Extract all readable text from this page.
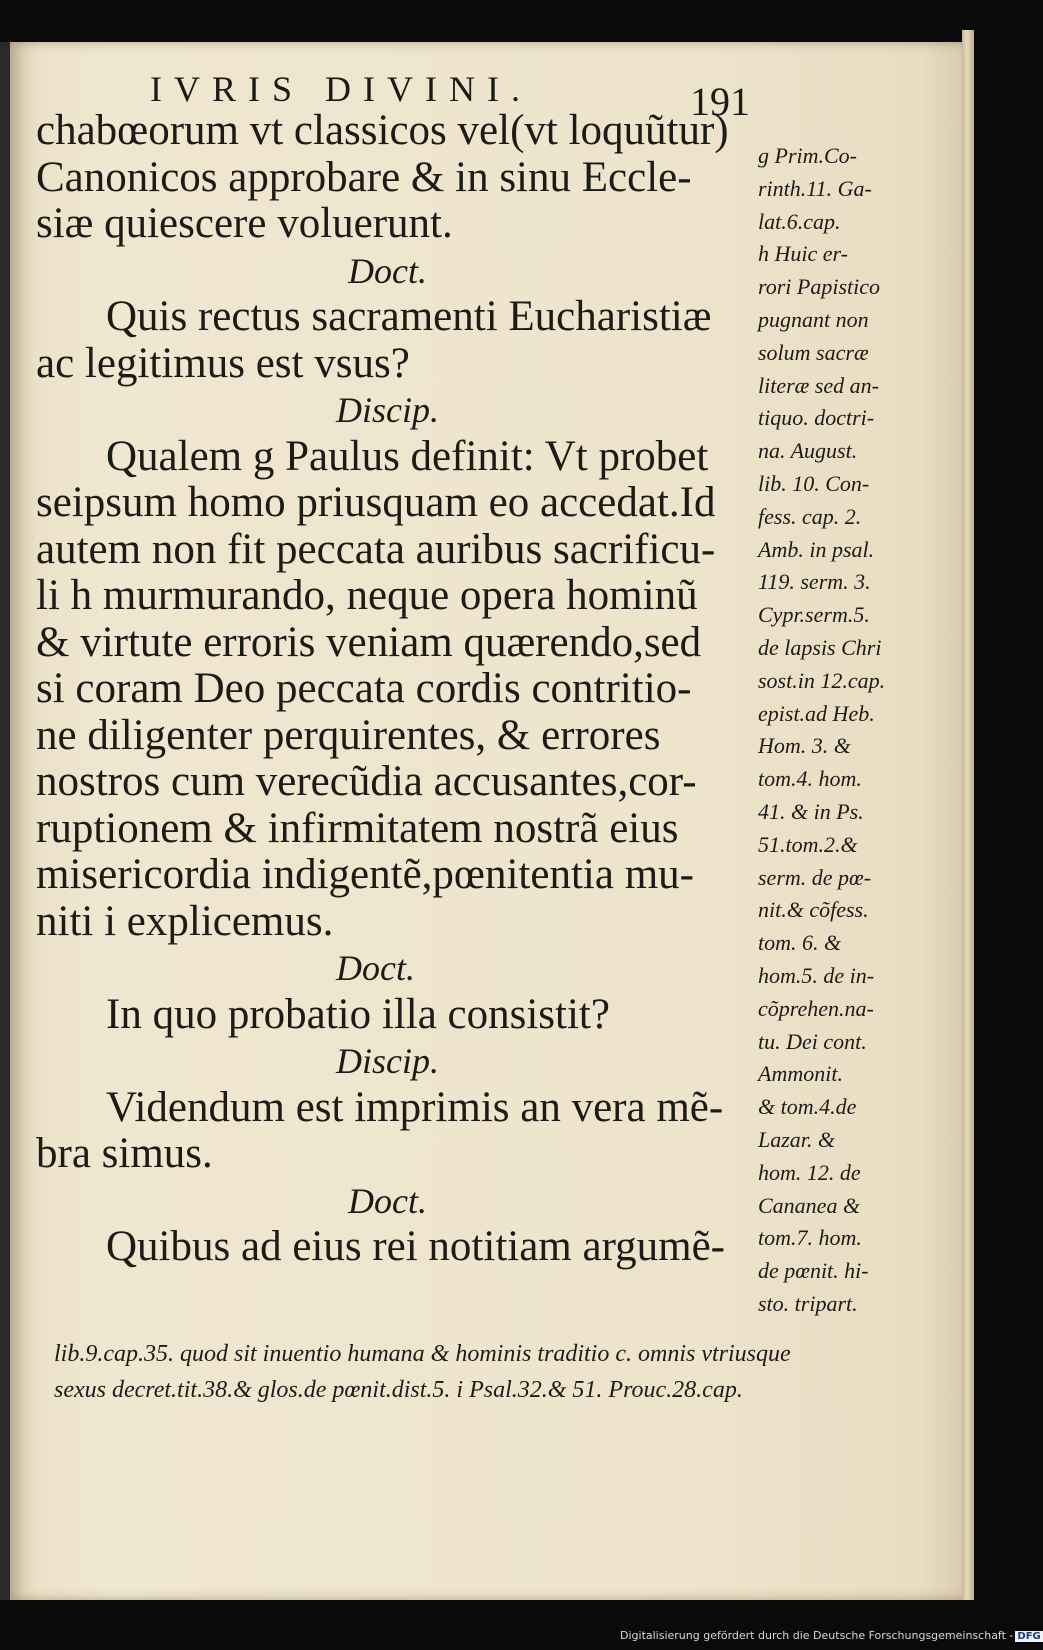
IVRIS DIVINI.	191
chabœorum vt classicos vel(vt loquũtur)
Canonicos approbare & in sinu Eccle-
siæ quiescere voluerunt.
Doct.
Quis rectus sacramenti Eucharistiæ
ac legitimus est vsus?
Discip.
Qualem g Paulus definit: Vt probet
seipsum homo priusquam eo accedat.Id
autem non fit peccata auribus sacrificu-
li h murmurando, neque opera hominũ
& virtute erroris veniam quærendo,sed
si coram Deo peccata cordis contritio-
ne diligenter perquirentes, & errores
nostros cum verecũdia accusantes,cor-
ruptionem & infirmitatem nostrã eius
misericordia indigentẽ,pœnitentia mu-
niti i explicemus.
Doct.
In quo probatio illa consistit?
Discip.
Videndum est imprimis an vera mẽ-
bra simus.
Doct.
Quibus ad eius rei notitiam argumẽ-
g Prim.Co-
rinth.11. Ga-
lat.6.cap.
h Huic er-
rori Papistico
pugnant non
solum sacræ
literæ sed an-
tiquo. doctri-
na. August.
lib. 10. Con-
fess. cap. 2.
Amb. in psal.
119. serm. 3.
Cypr.serm.5.
de lapsis Chri
sost.in 12.cap.
epist.ad Heb.
Hom. 3. &
tom.4. hom.
41. & in Ps.
51.tom.2.&
serm. de pœ-
nit.& cõfess.
tom. 6. &
hom.5. de in-
cõprehen.na-
tu. Dei cont.
Ammonit.
& tom.4.de
Lazar. &
hom. 12. de
Cananea &
tom.7. hom.
de pœnit. hi-
sto. tripart.
lib.9.cap.35. quod sit inuentio humana & hominis traditio c. omnis vtriusque
sexus decret.tit.38.& glos.de pœnit.dist.5. i Psal.32.& 51. Prouc.28.cap.
Digitalisierung gefördert durch die Deutsche Forschungsgemeinschaft - DFG
